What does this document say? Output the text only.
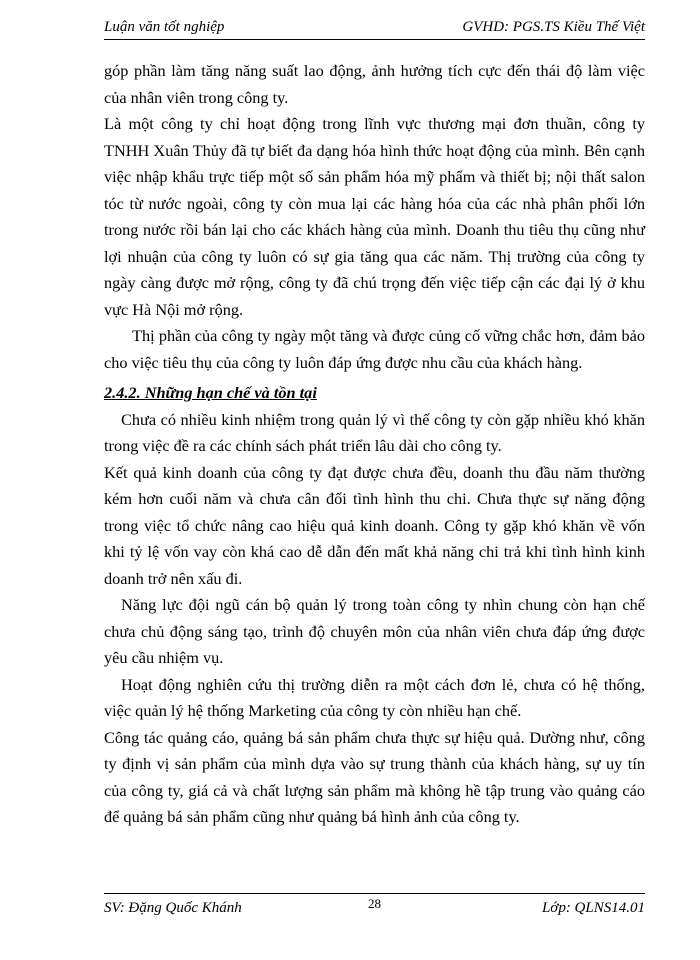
Luận văn tốt nghiệp	GVHD: PGS.TS Kiều Thế Việt

góp phần làm tăng năng suất lao động, ảnh hưởng tích cực đến thái độ làm việc của nhân viên trong công ty.

Là một công ty chỉ hoạt động trong lĩnh vực thương mại đơn thuần, công ty TNHH Xuân Thủy đã tự biết đa dạng hóa hình thức hoạt động của mình. Bên cạnh việc nhập khẩu trực tiếp một số sản phẩm hóa mỹ phẩm và thiết bị; nội thất salon tóc từ nước ngoài, công ty còn mua lại các hàng hóa của các nhà phân phối lớn trong nước rồi bán lại cho các khách hàng của mình. Doanh thu tiêu thụ cũng như lợi nhuận của công ty luôn có sự gia tăng qua các năm. Thị trường của công ty ngày càng được mở rộng, công ty đã chú trọng đến việc tiếp cận các đại lý ở khu vực Hà Nội mở rộng.

Thị phần của công ty ngày một tăng và được củng cố vững chắc hơn, đảm bảo cho việc tiêu thụ của công ty luôn đáp ứng được nhu cầu của khách hàng.

2.4.2. Những hạn chế và tồn tại

Chưa có nhiều kinh nhiệm trong quản lý vì thế công ty còn gặp nhiều khó khăn trong việc đề ra các chính sách phát triển lâu dài cho công ty.

Kết quả kinh doanh của công ty đạt được chưa đều, doanh thu đầu năm thường kém hơn cuối năm và chưa cân đối tình hình thu chi. Chưa thực sự năng động trong việc tổ chức nâng cao hiệu quả kinh doanh. Công ty gặp khó khăn về vốn khi tỷ lệ vốn vay còn khá cao dễ dẫn đến mất khả năng chi trả khi tình hình kinh doanh trở nên xấu đi.

Năng lực đội ngũ cán bộ quản lý trong toàn công ty nhìn chung còn hạn chế chưa chủ động sáng tạo, trình độ chuyên môn của nhân viên chưa đáp ứng được yêu cầu nhiệm vụ.

Hoạt động nghiên cứu thị trường diễn ra một cách đơn lẻ, chưa có hệ thống, việc quản lý hệ thống Marketing của công ty còn nhiều hạn chế.

Công tác quảng cáo, quảng bá sản phẩm chưa thực sự hiệu quả. Dường như, công ty định vị sản phẩm của mình dựa vào sự trung thành của khách hàng, sự uy tín của công ty, giá cả và chất lượng sản phẩm mà không hề tập trung vào quảng cáo để quảng bá sản phẩm cũng như quảng bá hình ảnh của công ty.

SV: Đặng Quốc Khánh	28	Lớp: QLNS14.01
